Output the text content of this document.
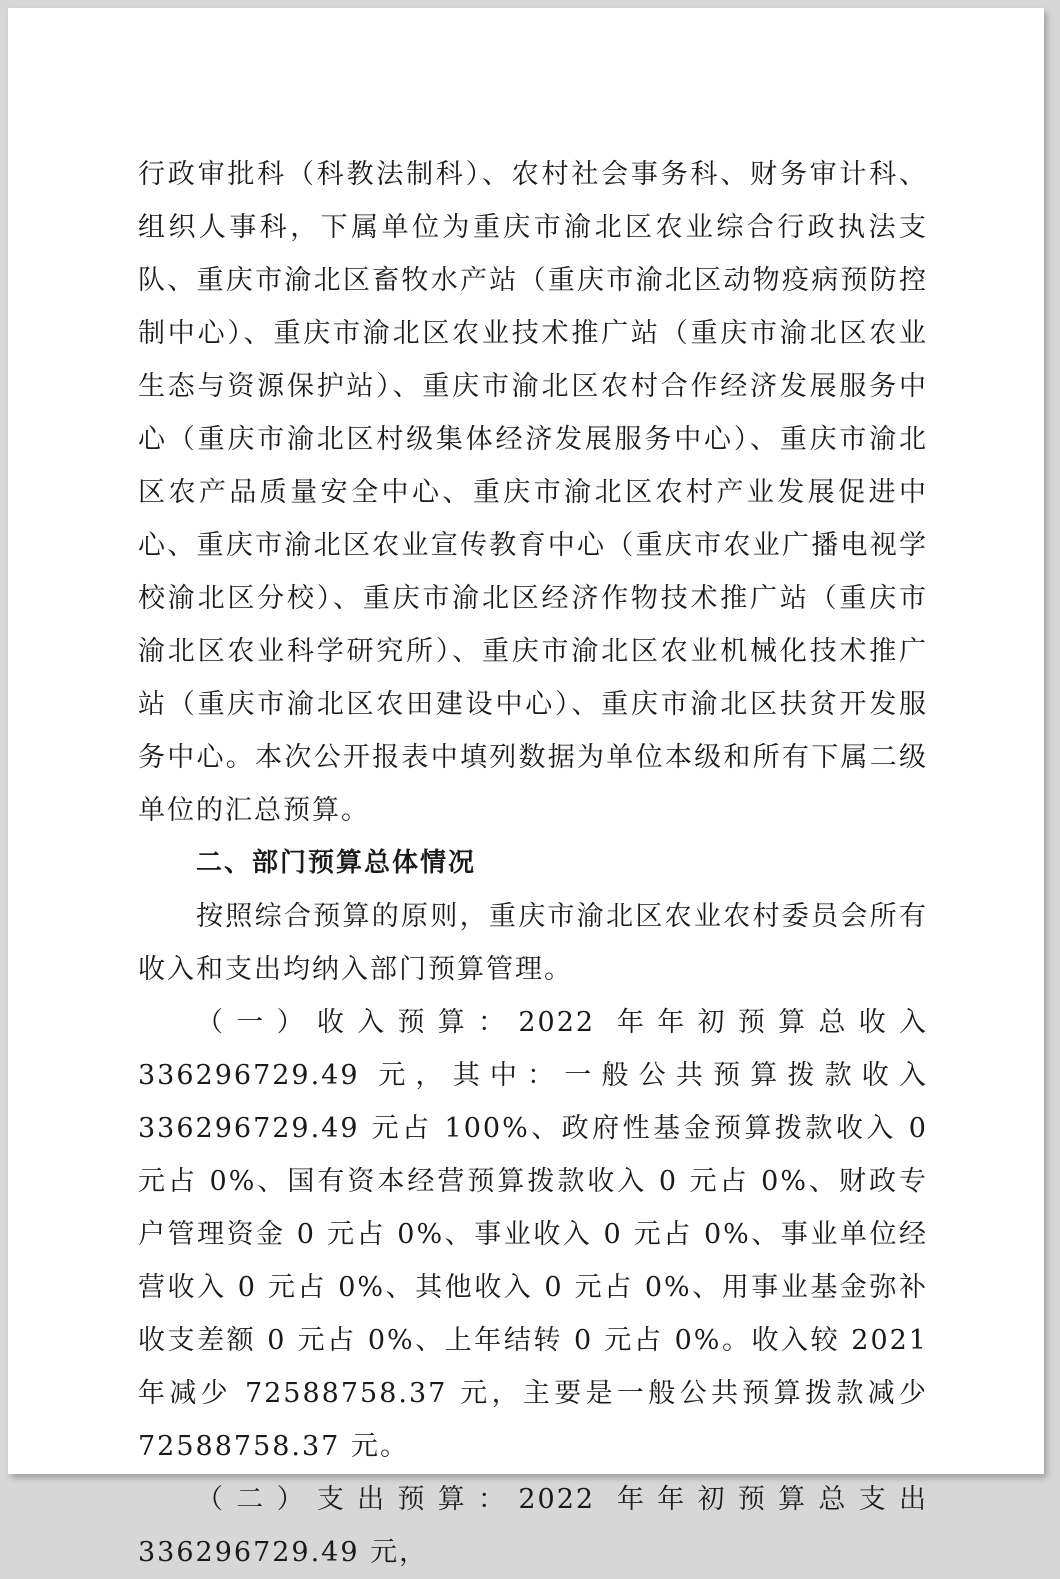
行政审批科（科教法制科）、农村社会事务科、财务审计科、组织人事科，下属单位为重庆市渝北区农业综合行政执法支队、重庆市渝北区畜牧水产站（重庆市渝北区动物疫病预防控制中心）、重庆市渝北区农业技术推广站（重庆市渝北区农业生态与资源保护站）、重庆市渝北区农村合作经济发展服务中心（重庆市渝北区村级集体经济发展服务中心）、重庆市渝北区农产品质量安全中心、重庆市渝北区农村产业发展促进中心、重庆市渝北区农业宣传教育中心（重庆市农业广播电视学校渝北区分校）、重庆市渝北区经济作物技术推广站（重庆市渝北区农业科学研究所）、重庆市渝北区农业机械化技术推广站（重庆市渝北区农田建设中心）、重庆市渝北区扶贫开发服务中心。本次公开报表中填列数据为单位本级和所有下属二级单位的汇总预算。

二、部门预算总体情况

按照综合预算的原则，重庆市渝北区农业农村委员会所有收入和支出均纳入部门预算管理。

（一）收入预算：2022 年年初预算总收入 336296729.49 元，其中：一般公共预算拨款收入 336296729.49 元占 100%、政府性基金预算拨款收入 0 元占 0%、国有资本经营预算拨款收入 0 元占 0%、财政专户管理资金 0 元占 0%、事业收入 0 元占 0%、事业单位经营收入 0 元占 0%、其他收入 0 元占 0%、用事业基金弥补收支差额 0 元占 0%、上年结转 0 元占 0%。收入较 2021 年减少 72588758.37 元，主要是一般公共预算拨款减少 72588758.37 元。

（二）支出预算：2022 年年初预算总支出 336296729.49 元，
